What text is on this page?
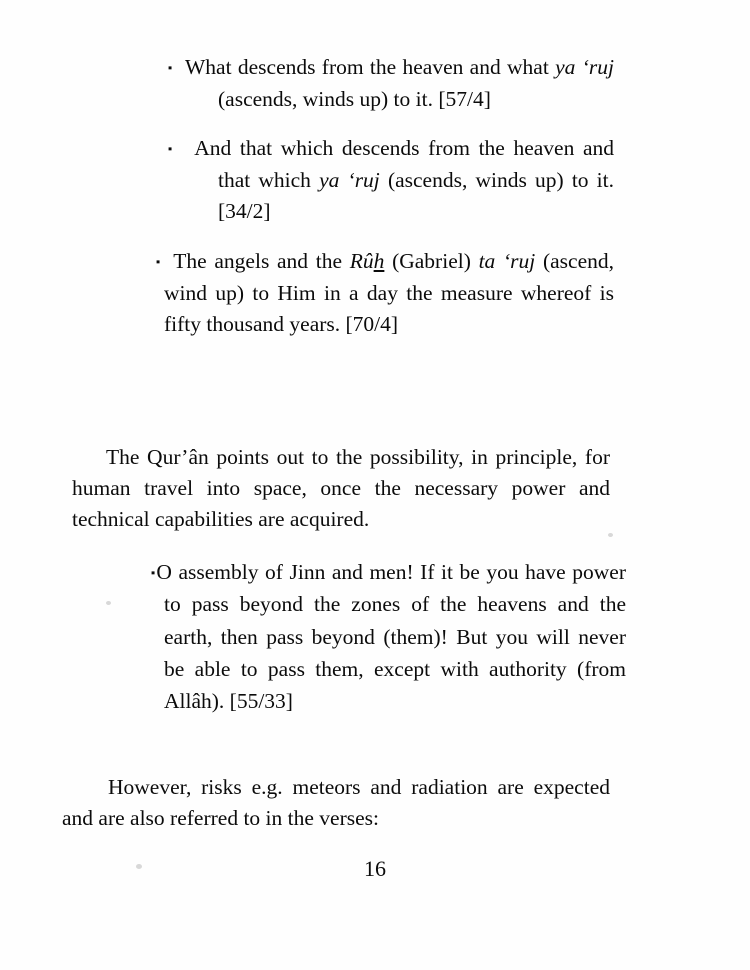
▪ What descends from the heaven and what ya ʻruj (ascends, winds up) to it. [57/4]
▪ And that which descends from the heaven and that which ya ʻruj (ascends, winds up) to it. [34/2]
▪ The angels and the Rûh (Gabriel) ta ʻruj (ascend, wind up) to Him in a day the measure whereof is fifty thousand years. [70/4]

The Qur’ân points out to the possibility, in principle, for human travel into space, once the necessary power and technical capabilities are acquired.

▪O assembly of Jinn and men! If it be you have power to pass beyond the zones of the heavens and the earth, then pass beyond (them)! But you will never be able to pass them, except with authority (from Allâh). [55/33]

However, risks e.g. meteors and radiation are expected and are also referred to in the verses:

16
